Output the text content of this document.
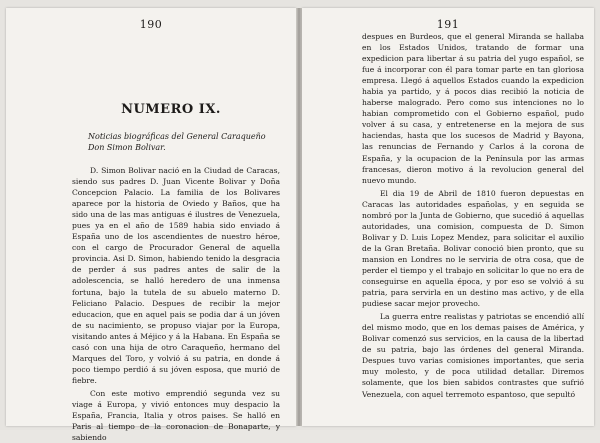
190
NUMERO IX.
Noticias biográficas del General Caraqueño Don Simon Bolivar.

D. Simon Bolivar nació en la Ciudad de Caracas, siendo sus padres D. Juan Vicente Bolivar y Doña Concepcion Palacio. La familia de los Bolivares aparece por la historia de Oviedo y Baños, que ha sido una de las mas antiguas é ilustres de Venezuela, pues ya en el año de 1589 habia sido enviado á España uno de los ascendientes de nuestro héroe, con el cargo de Procurador General de aquella provincia. Asi D. Simon, habiendo tenido la desgracia de perder á sus padres antes de salir de la adolescencia, se halló heredero de una inmensa fortuna, bajo la tutela de su abuelo materno D. Feliciano Palacio. Despues de recibir la mejor educacion, que en aquel pais se podia dar á un jóven de su nacimiento, se propuso viajar por la Europa, visitando antes á Méjico y á la Habana. En España se casó con una hija de otro Caraqueño, hermano del Marques del Toro, y volvió á su patria, en donde á poco tiempo perdió á su jóven esposa, que murió de fiebre.

Con este motivo emprendió segunda vez su viage á Europa, y vivió entonces muy despacio la España, Francia, Italia y otros paises. Se halló en Paris al tiempo de la coronacion de Bonaparte, y sabiendo

191

despues en Burdeos, que el general Miranda se hallaba en los Estados Unidos, tratando de formar una expedicion para libertar á su patria del yugo español, se fue á incorporar con él para tomar parte en tan gloriosa empresa. Llegó á aquellos Estados cuando la expedicion habia ya partido, y á pocos dias recibió la noticia de haberse malogrado. Pero como sus intenciones no lo habian comprometido con el Gobierno español, pudo volver á su casa, y entretenerse en la mejora de sus haciendas, hasta que los sucesos de Madrid y Bayona, las renuncias de Fernando y Carlos á la corona de España, y la ocupacion de la Península por las armas francesas, dieron motivo á la revolucion general del nuevo mundo.

El dia 19 de Abril de 1810 fueron depuestas en Caracas las autoridades españolas, y en seguida se nombró por la Junta de Gobierno, que sucedió á aquellas autoridades, una comision, compuesta de D. Simon Bolivar y D. Luis Lopez Mendez, para solicitar el auxilio de la Gran Bretaña. Bolivar conoció bien pronto, que su mansion en Londres no le serviria de otra cosa, que de perder el tiempo y el trabajo en solicitar lo que no era de conseguirse en aquella época, y por eso se volvió á su patria, para servirla en un destino mas activo, y de ella pudiese sacar mejor provecho.

La guerra entre realistas y patriotas se encendió allí del mismo modo, que en los demas paises de América, y Bolivar comenzó sus servicios, en la causa de la libertad de su patria, bajo las órdenes del general Miranda. Despues tuvo varias comisiones importantes, que seria muy molesto, y de poca utilidad detallar. Diremos solamente, que los bien sabidos contrastes que sufrió Venezuela, con aquel terremoto espantoso, que sepultó
